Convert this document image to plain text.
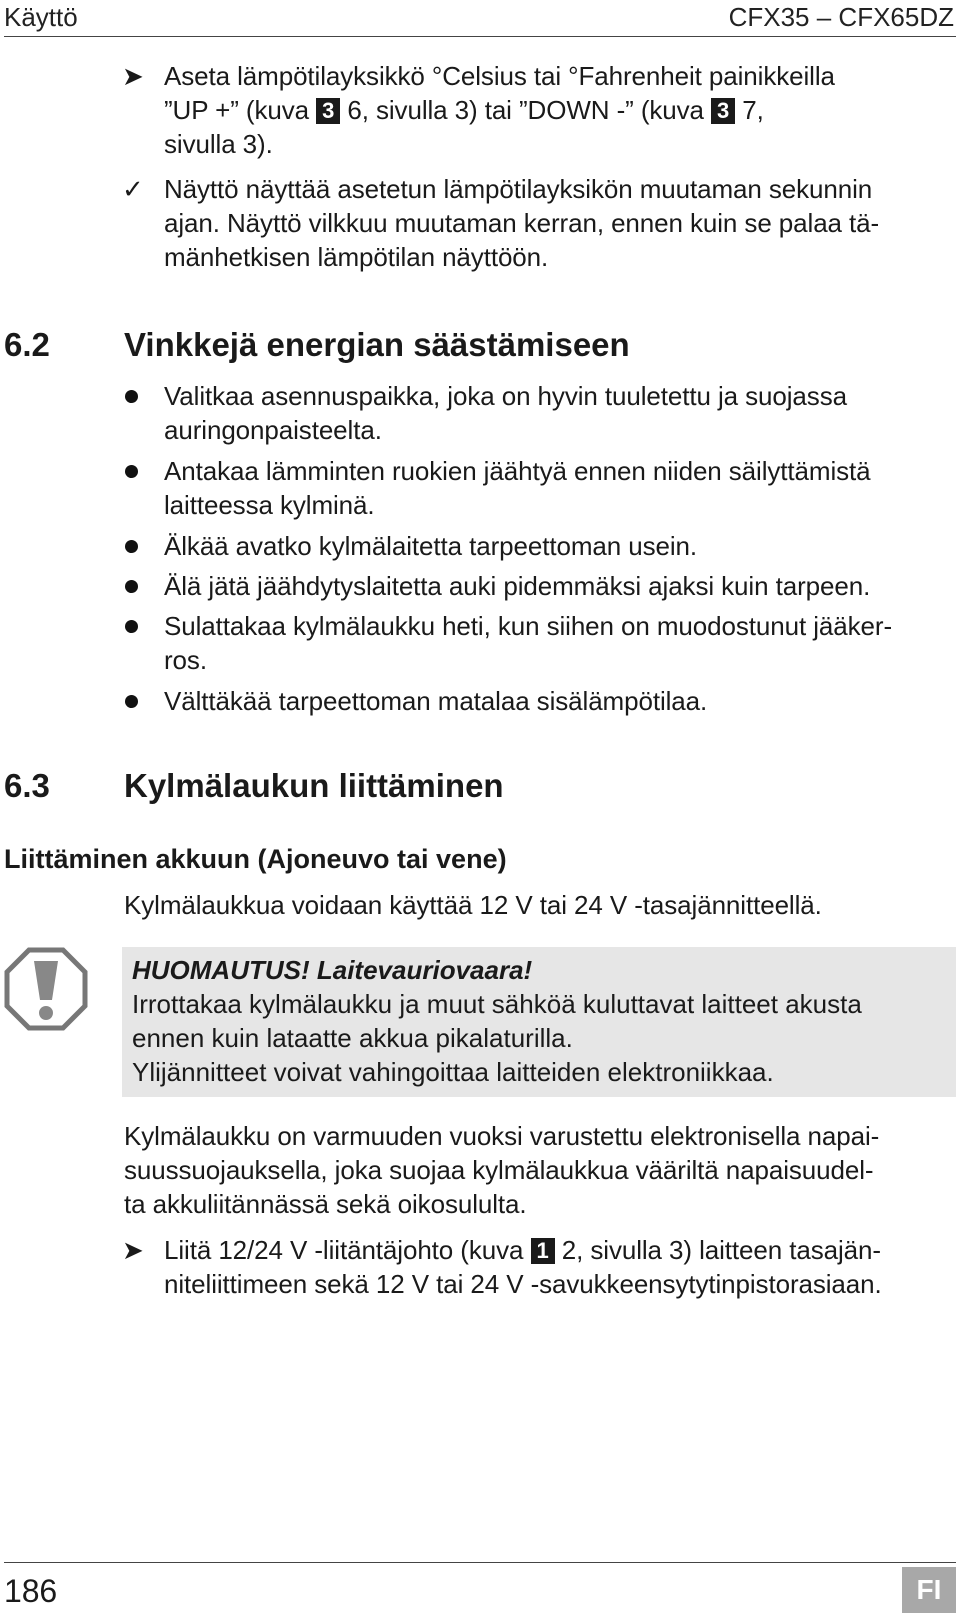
Käyttö	CFX35 – CFX65DZ
➤ Aseta lämpötilayksikkö °Celsius tai °Fahrenheit painikkeilla
”UP +” (kuva 3 6, sivulla 3) tai ”DOWN -” (kuva 3 7,
sivulla 3).
✓ Näyttö näyttää asetetun lämpötilayksikön muutaman sekunnin
ajan. Näyttö vilkkuu muutaman kerran, ennen kuin se palaa tä-
mänhetkisen lämpötilan näyttöön.
6.2 Vinkkejä energian säästämiseen
Valitkaa asennuspaikka, joka on hyvin tuuletettu ja suojassa
auringonpaisteelta.
Antakaa lämminten ruokien jäähtyä ennen niiden säilyttämistä
laitteessa kylminä.
Älkää avatko kylmälaitetta tarpeettoman usein.
Älä jätä jäähdytyslaitetta auki pidemmäksi ajaksi kuin tarpeen.
Sulattakaa kylmälaukku heti, kun siihen on muodostunut jääker-
ros.
Välttäkää tarpeettoman matalaa sisälämpötilaa.
6.3 Kylmälaukun liittäminen
Liittäminen akkuun (Ajoneuvo tai vene)
Kylmälaukkua voidaan käyttää 12 V tai 24 V -tasajännitteellä.
HUOMAUTUS! Laitevauriovaara!
Irrottakaa kylmälaukku ja muut sähköä kuluttavat laitteet akusta
ennen kuin lataatte akkua pikalaturilla.
Ylijännitteet voivat vahingoittaa laitteiden elektroniikkaa.
Kylmälaukku on varmuuden vuoksi varustettu elektronisella napai-
suussuojauksella, joka suojaa kylmälaukkua vääriltä napaisuudel-
ta akkuliitännässä sekä oikosululta.
➤ Liitä 12/24 V -liitäntäjohto (kuva 1 2, sivulla 3) laitteen tasajän-
niteliittimeen sekä 12 V tai 24 V -savukkeensytytinpistorasiaan.
186	FI
